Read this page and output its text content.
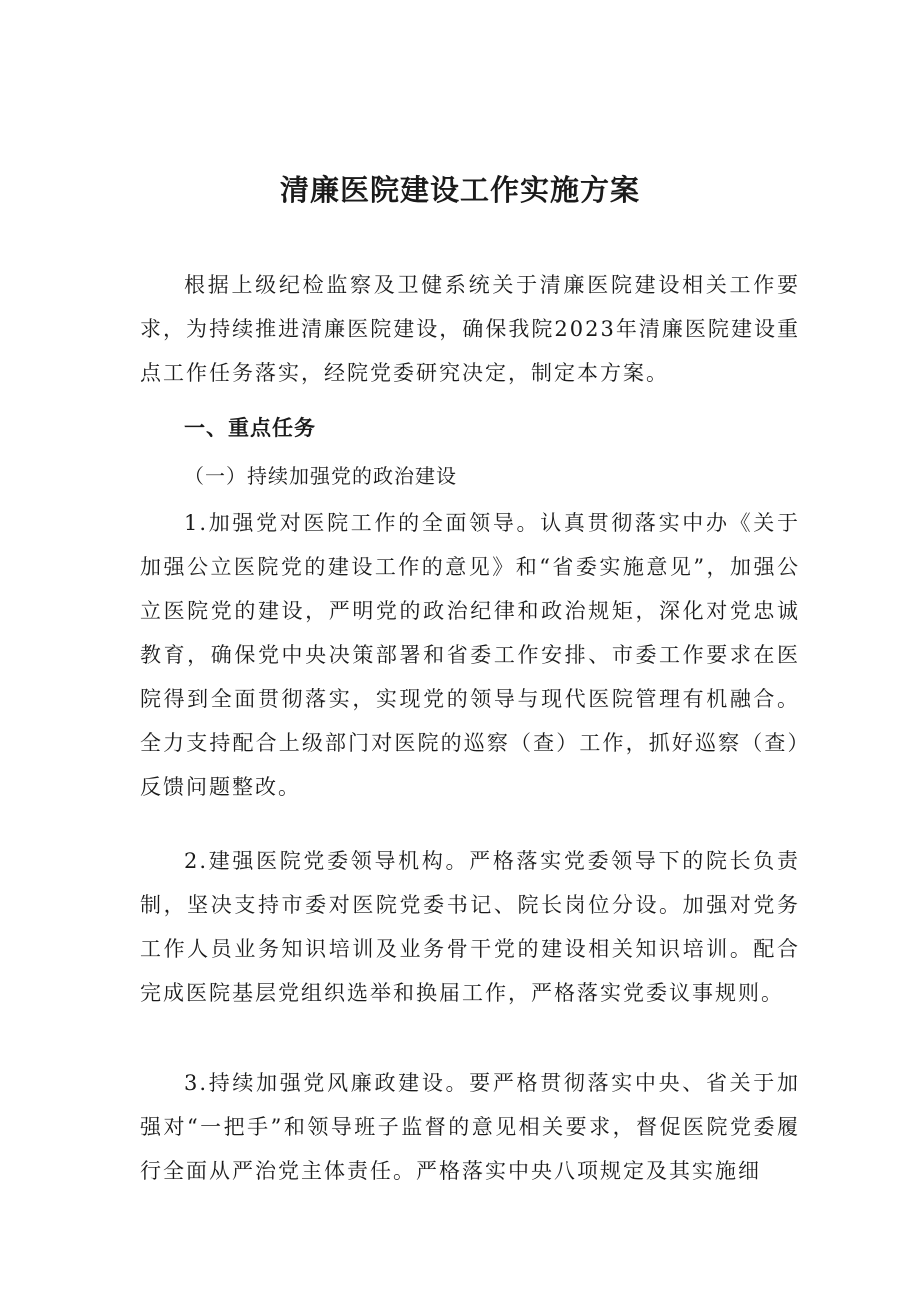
清廉医院建设工作实施方案

根据上级纪检监察及卫健系统关于清廉医院建设相关工作要求，为持续推进清廉医院建设，确保我院2023年清廉医院建设重点工作任务落实，经院党委研究决定，制定本方案。

一、重点任务
（一）持续加强党的政治建设

1.加强党对医院工作的全面领导。认真贯彻落实中办《关于加强公立医院党的建设工作的意见》和“省委实施意见”，加强公立医院党的建设，严明党的政治纪律和政治规矩，深化对党忠诚教育，确保党中央决策部署和省委工作安排、市委工作要求在医院得到全面贯彻落实，实现党的领导与现代医院管理有机融合。全力支持配合上级部门对医院的巡察（查）工作，抓好巡察（查）反馈问题整改。

2.建强医院党委领导机构。严格落实党委领导下的院长负责制，坚决支持市委对医院党委书记、院长岗位分设。加强对党务工作人员业务知识培训及业务骨干党的建设相关知识培训。配合完成医院基层党组织选举和换届工作，严格落实党委议事规则。

3.持续加强党风廉政建设。要严格贯彻落实中央、省关于加强对“一把手”和领导班子监督的意见相关要求，督促医院党委履行全面从严治党主体责任。严格落实中央八项规定及其实施细
